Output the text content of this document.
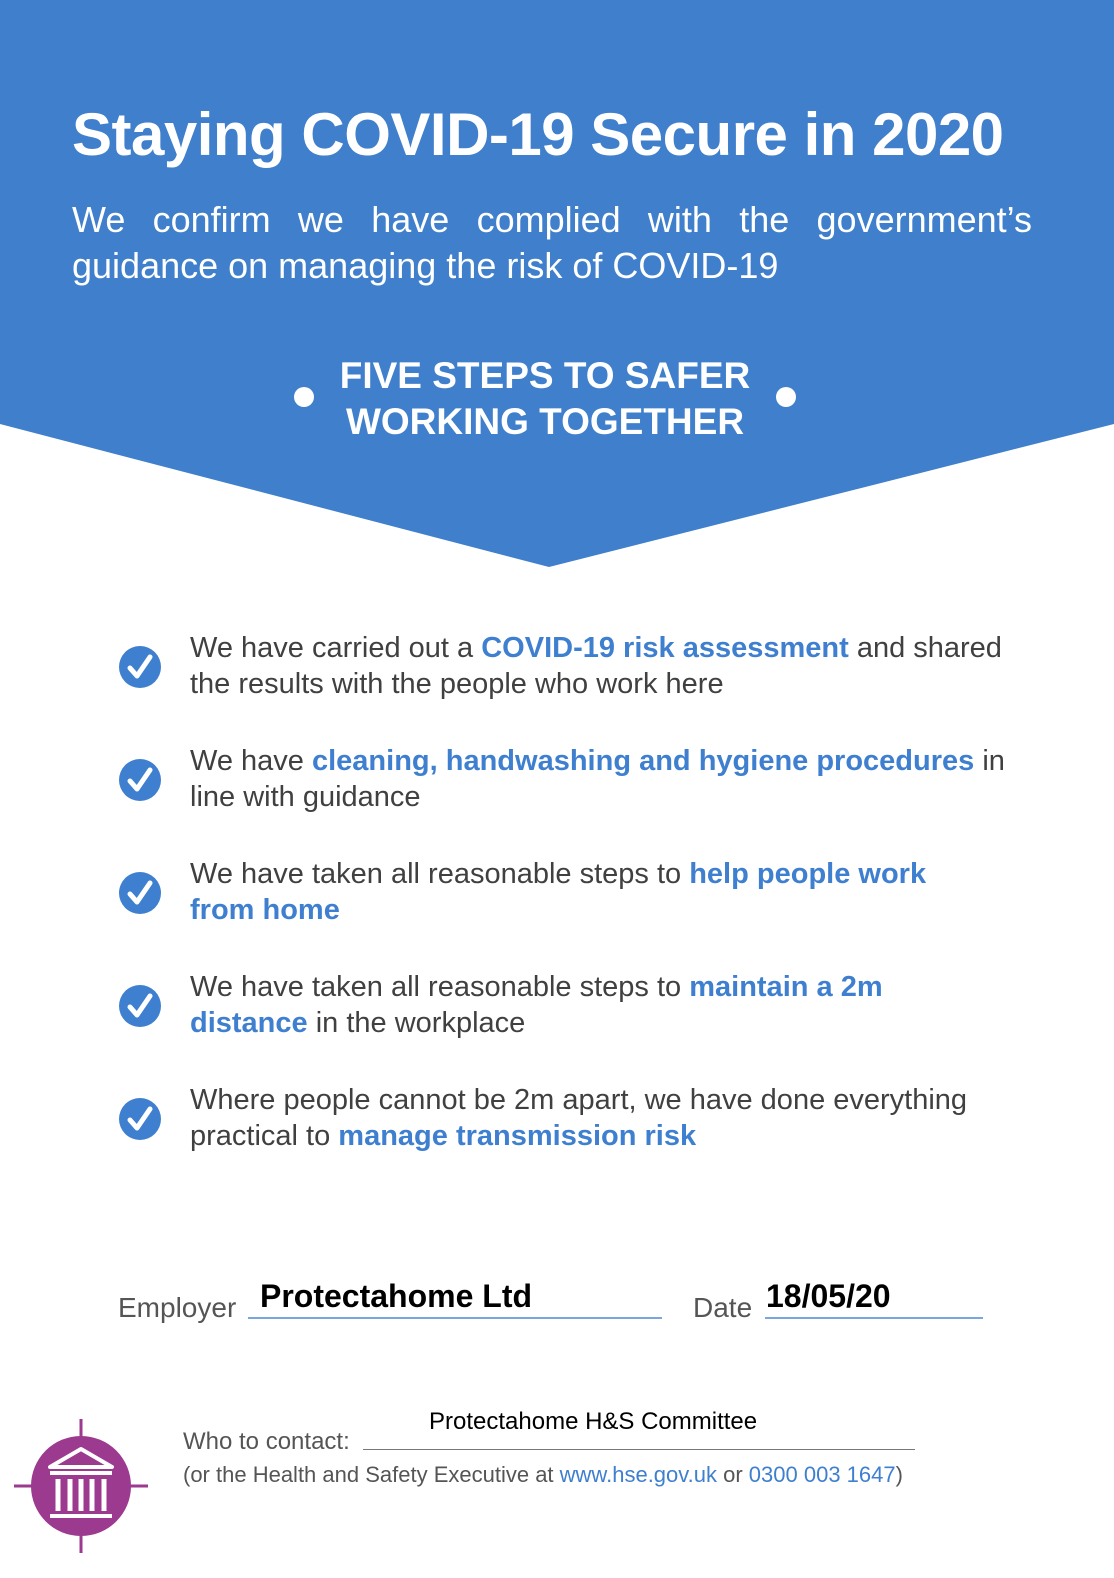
Staying COVID-19 Secure in 2020
We confirm we have complied with the government’s guidance on managing the risk of COVID-19
FIVE STEPS TO SAFER
WORKING TOGETHER
We have carried out a COVID-19 risk assessment and shared the results with the people who work here
We have cleaning, handwashing and hygiene procedures in line with guidance
We have taken all reasonable steps to help people work from home
We have taken all reasonable steps to maintain a 2m distance in the workplace
Where people cannot be 2m apart, we have done everything practical to manage transmission risk
Employer Protectahome Ltd	Date 18/05/20
Who to contact:
Protectahome H&S Committee
(or the Health and Safety Executive at www.hse.gov.uk or 0300 003 1647)
